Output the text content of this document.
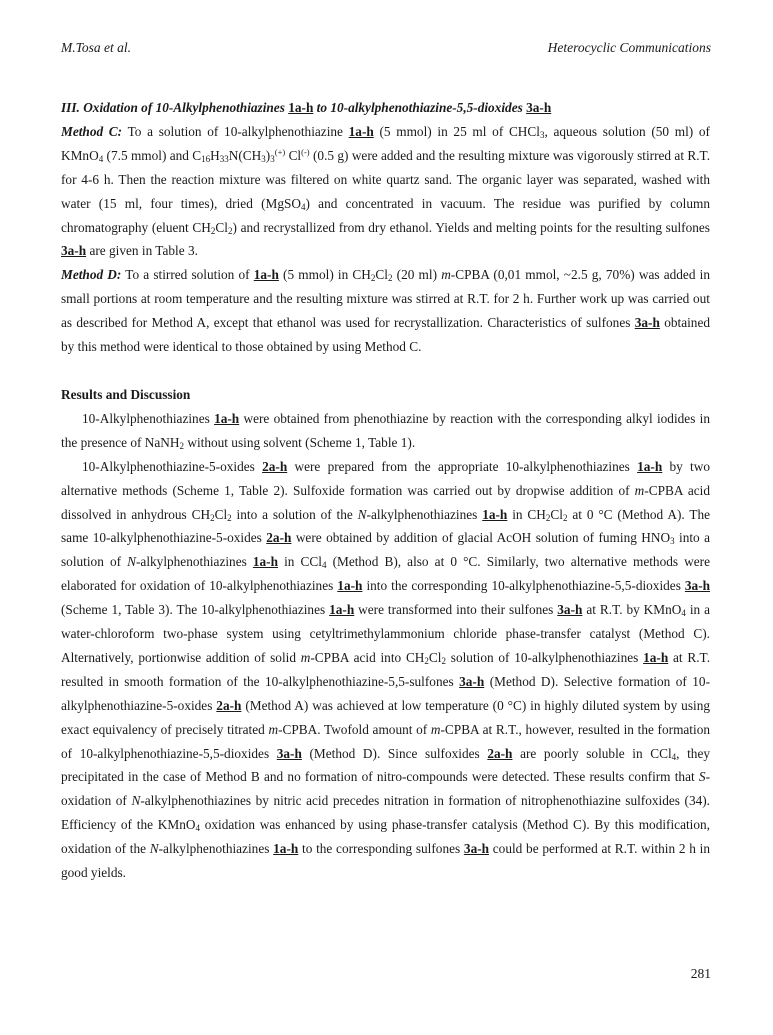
M.Tosa et al.	Heterocyclic Communications

III. Oxidation of 10-Alkylphenothiazines 1a-h to 10-alkylphenothiazine-5,5-dioxides 3a-h

Method C: To a solution of 10-alkylphenothiazine 1a-h (5 mmol) in 25 ml of CHCl$_3$, aqueous solution (50 ml) of KMnO$_4$ (7.5 mmol) and $C_{16}H_{33}N(CH_3)_3^{(+)}$ Cl(-) (0.5 g) were added and the resulting mixture was vigorously stirred at R.T. for 4-6 h. Then the reaction mixture was filtered on white quartz sand. The organic layer was separated, washed with water (15 ml, four times), dried (MgSO$_4$) and concentrated in vacuum. The residue was purified by column chromatography (eluent $CH_2Cl_2$) and recrystallized from dry ethanol. Yields and melting points for the resulting sulfones 3a-h are given in Table 3.

Method D: To a stirred solution of 1a-h (5 mmol) in $CH_2Cl_2$ (20 ml) m-CPBA (0,01 mmol, ~2.5 g, 70%) was added in small portions at room temperature and the resulting mixture was stirred at R.T. for 2 h. Further work up was carried out as described for Method A, except that ethanol was used for recrystallization. Characteristics of sulfones 3a-h obtained by this method were identical to those obtained by using Method C.

Results and Discussion

10-Alkylphenothiazines 1a-h were obtained from phenothiazine by reaction with the corresponding alkyl iodides in the presence of NaNH$_2$ without using solvent (Scheme 1, Table 1).

10-Alkylphenothiazine-5-oxides 2a-h were prepared from the appropriate 10-alkylphenothiazines 1a-h by two alternative methods (Scheme 1, Table 2). Sulfoxide formation was carried out by dropwise addition of m-CPBA acid dissolved in anhydrous $CH_2Cl_2$ into a solution of the N-alkylphenothiazines 1a-h in $CH_2Cl_2$ at 0 °C (Method A). The same 10-alkylphenothiazine-5-oxides 2a-h were obtained by addition of glacial AcOH solution of fuming $HNO_3$ into a solution of N-alkylphenothiazines 1a-h in CCl$_4$ (Method B), also at 0 °C. Similarly, two alternative methods were elaborated for oxidation of 10-alkylphenothiazines 1a-h into the corresponding 10-alkylphenothiazine-5,5-dioxides 3a-h (Scheme 1, Table 3). The 10-alkylphenothiazines 1a-h were transformed into their sulfones 3a-h at R.T. by KMnO$_4$ in a water-chloroform two-phase system using cetyltrimethylammonium chloride phase-transfer catalyst (Method C). Alternatively, portionwise addition of solid m-CPBA acid into $CH_2Cl_2$ solution of 10-alkylphenothiazines 1a-h at R.T. resulted in smooth formation of the 10-alkylphenothiazine-5,5-sulfones 3a-h (Method D). Selective formation of 10-alkylphenothiazine-5-oxides 2a-h (Method A) was achieved at low temperature (0 °C) in highly diluted system by using exact equivalency of precisely titrated m-CPBA. Twofold amount of m-CPBA at R.T., however, resulted in the formation of 10-alkylphenothiazine-5,5-dioxides 3a-h (Method D). Since sulfoxides 2a-h are poorly soluble in CCl$_4$, they precipitated in the case of Method B and no formation of nitro-compounds were detected. These results confirm that S-oxidation of N-alkylphenothiazines by nitric acid precedes nitration in formation of nitrophenothiazine sulfoxides (34). Efficiency of the KMnO$_4$ oxidation was enhanced by using phase-transfer catalysis (Method C). By this modification, oxidation of the N-alkylphenothiazines 1a-h to the corresponding sulfones 3a-h could be performed at R.T. within 2 h in good yields.

281
